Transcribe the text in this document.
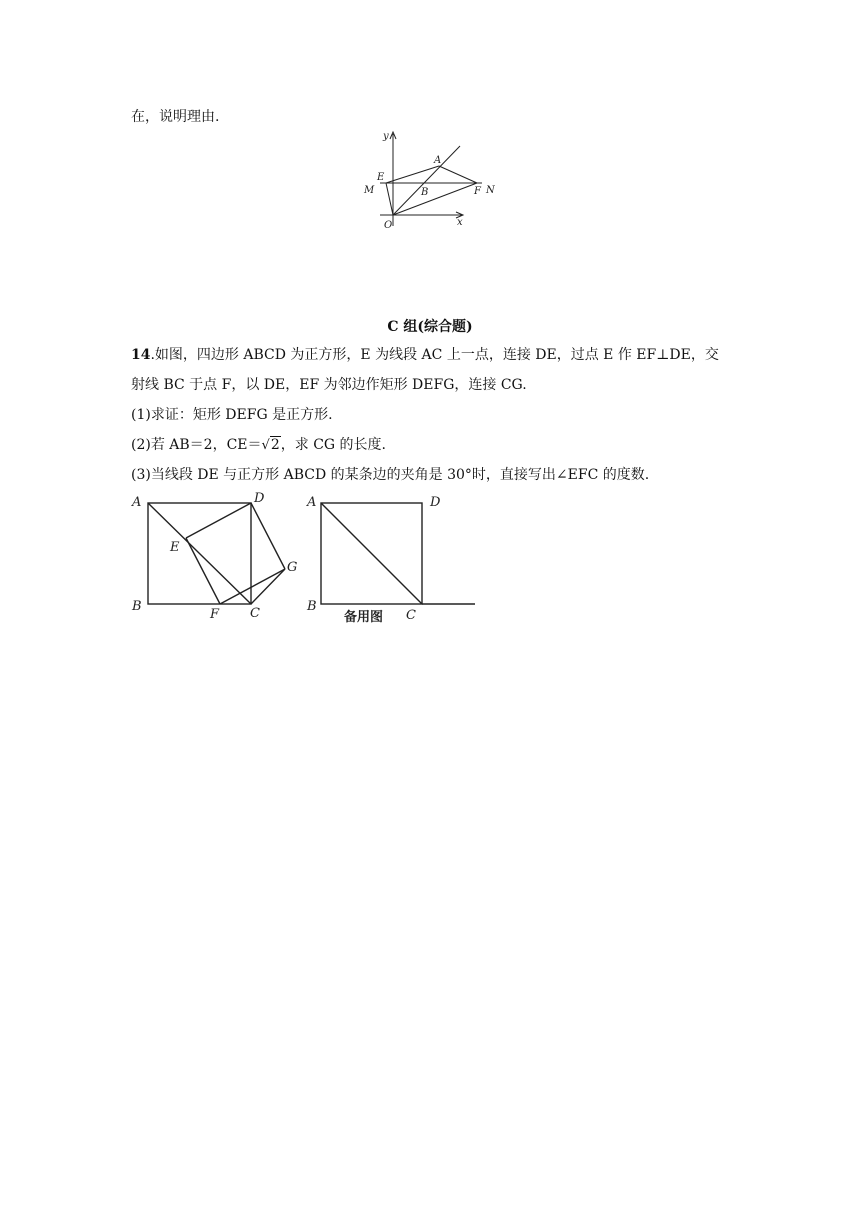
在，说明理由.
y
x
O
E
M
A
B	F N
C 组(综合题)
14.如图，四边形 ABCD 为正方形，E 为线段 AC 上一点，连接 DE，过点 E 作 EF⊥DE，交
射线 BC 于点 F，以 DE，EF 为邻边作矩形 DEFG，连接 CG.
(1)求证：矩形 DEFG 是正方形.
(2)若 AB＝2，CE＝√2，求 CG 的长度.
(3)当线段 DE 与正方形 ABCD 的某条边的夹角是 30°时，直接写出∠EFC 的度数.
A	D
E
G
B
F C
A	D
B
C
备用图
